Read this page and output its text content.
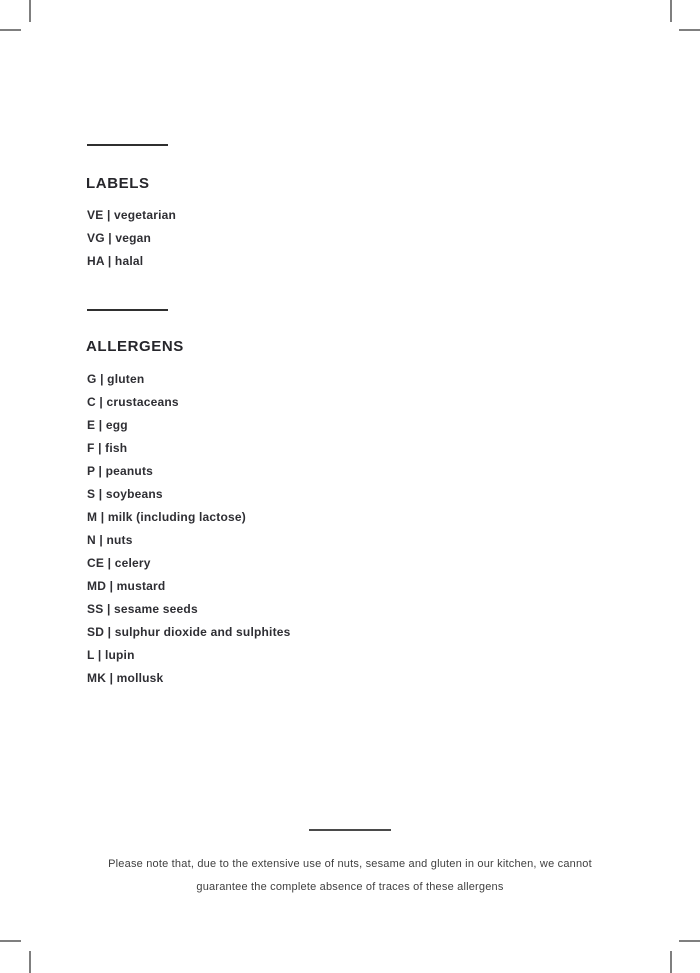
LABELS
VE | vegetarian
VG | vegan
HA | halal
ALLERGENS
G | gluten
C | crustaceans
E | egg
F | fish
P | peanuts
S | soybeans
M | milk (including lactose)
N | nuts
CE | celery
MD | mustard
SS | sesame seeds
SD | sulphur dioxide and sulphites
L | lupin
MK | mollusk

Please note that, due to the extensive use of nuts, sesame and gluten in our kitchen, we cannot

guarantee the complete absence of traces of these allergens
